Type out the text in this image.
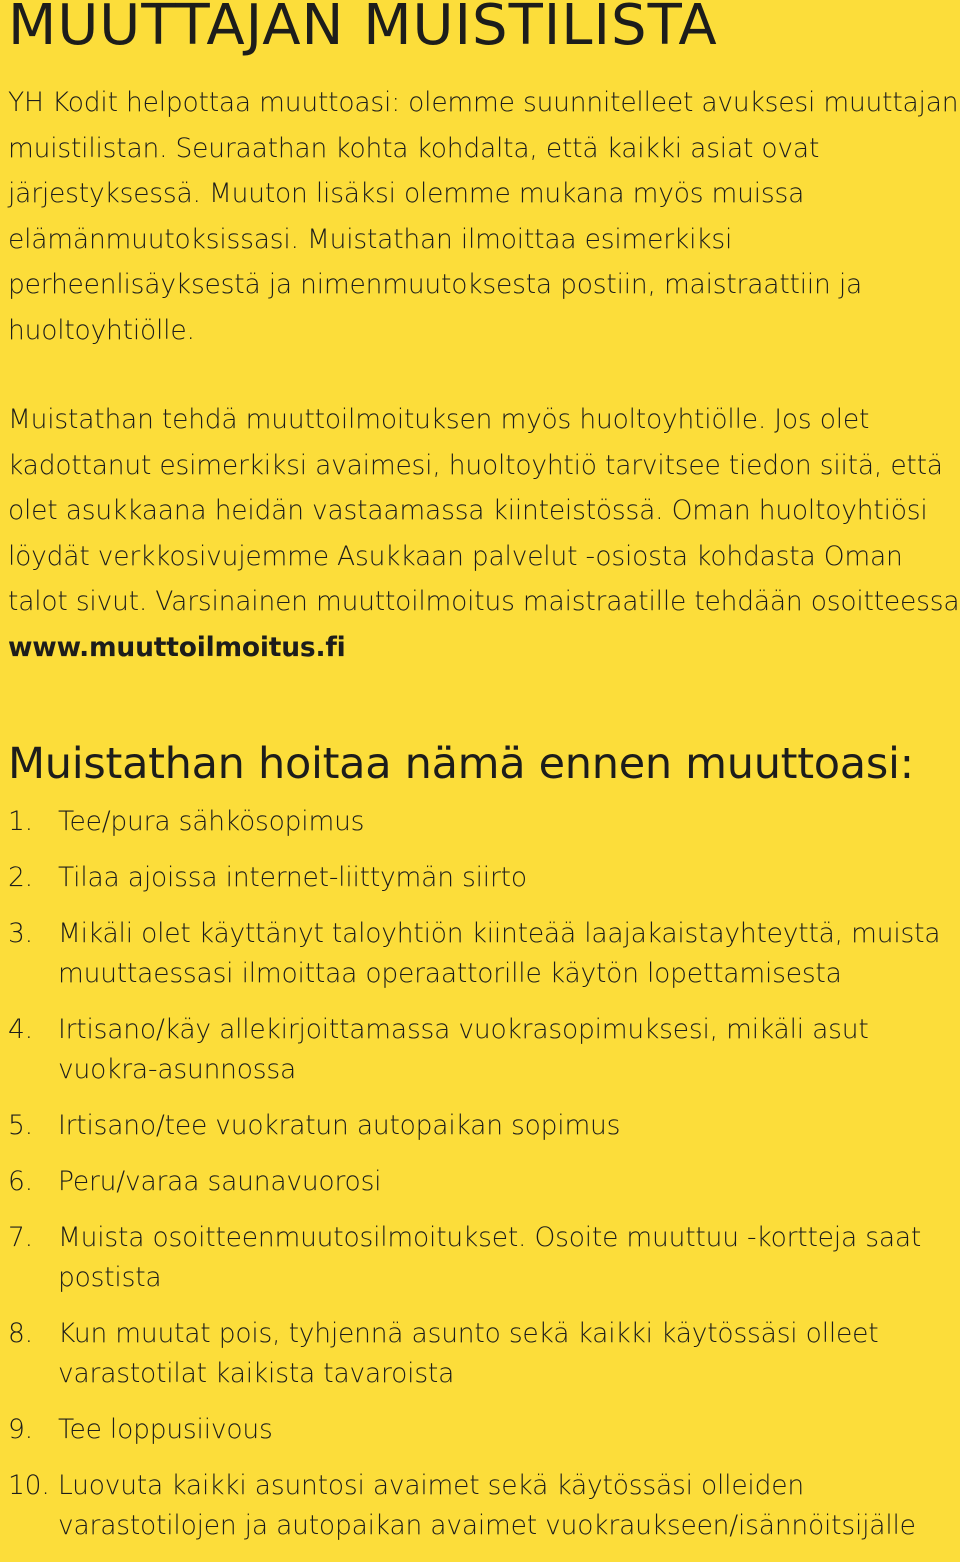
MUUTTAJAN MUISTILISTA

YH Kodit helpottaa muuttoasi: olemme suunnitelleet avuksesi muuttajan muistilistan. Seuraathan kohta kohdalta, että kaikki asiat ovat järjestyksessä. Muuton lisäksi olemme mukana myös muissa elämänmuutoksissasi. Muistathan ilmoittaa esimerkiksi perheenlisäyksestä ja nimenmuutoksesta postiin, maistraattiin ja huoltoyhtiölle.

Muistathan tehdä muuttoilmoituksen myös huoltoyhtiölle. Jos olet kadottanut esimerkiksi avaimesi, huoltoyhtiö tarvitsee tiedon siitä, että olet asukkaana heidän vastaamassa kiinteistössä. Oman huoltoyhtiösi löydät verkkosivujemme Asukkaan palvelut -osiosta kohdasta Oman talot sivut. Varsinainen muuttoilmoitus maistraatille tehdään osoitteessa www.muuttoilmoitus.fi

Muistathan hoitaa nämä ennen muuttoasi:
1. Tee/pura sähkösopimus
2. Tilaa ajoissa internet-liittymän siirto
3. Mikäli olet käyttänyt taloyhtiön kiinteää laajakaistayhteyttä, muista muuttaessasi ilmoittaa operaattorille käytön lopettamisesta
4. Irtisano/käy allekirjoittamassa vuokrasopimuksesi, mikäli asut vuokra-asunnossa
5. Irtisano/tee vuokratun autopaikan sopimus
6. Peru/varaa saunavuorosi
7. Muista osoitteenmuutosilmoitukset. Osoite muuttuu -kortteja saat postista
8. Kun muutat pois, tyhjennä asunto sekä kaikki käytössäsi olleet varastotilat kaikista tavaroista
9. Tee loppusiivous
10. Luovuta kaikki asuntosi avaimet sekä käytössäsi olleiden varastotilojen ja autopaikan avaimet vuokraukseen/isännöitsijälle
